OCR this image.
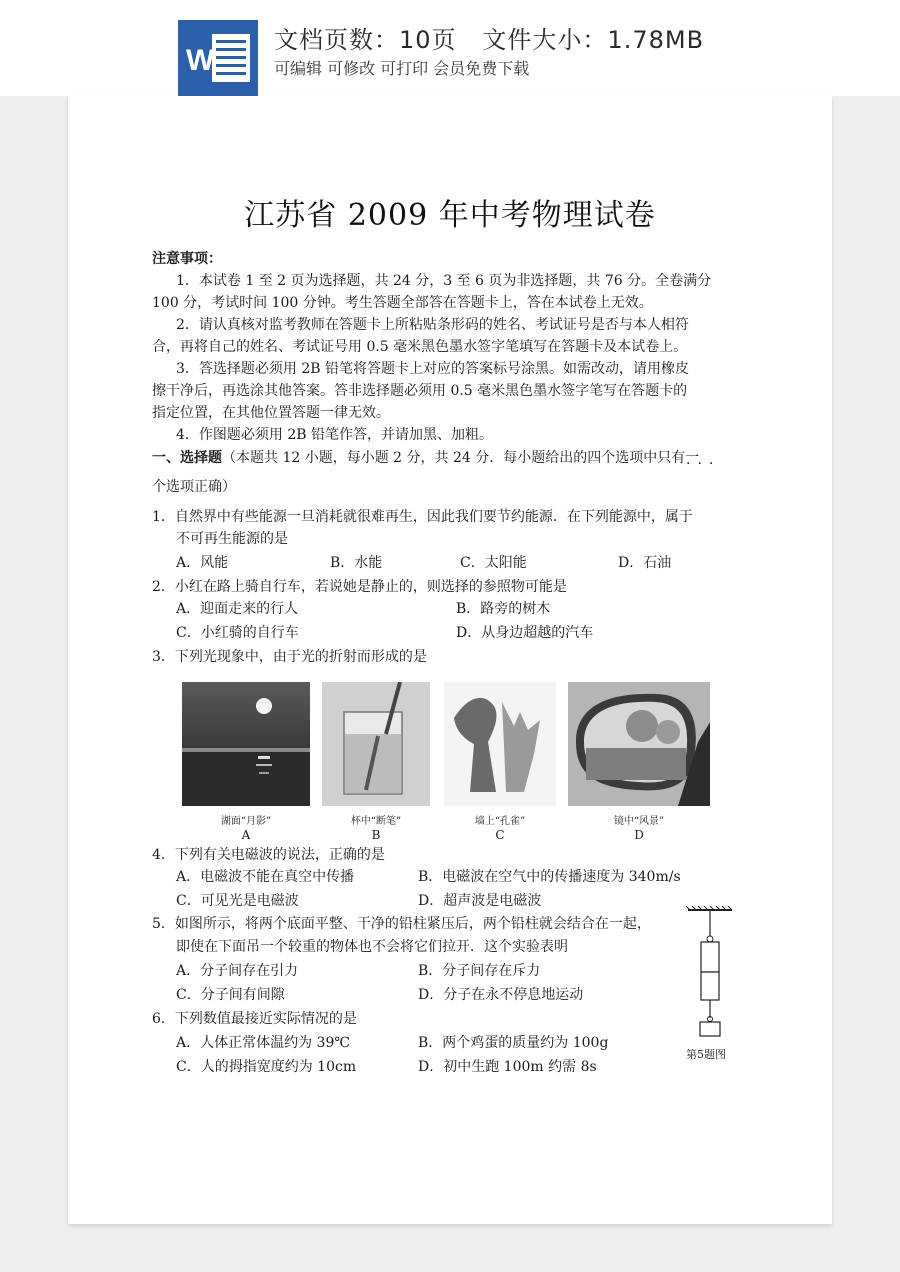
W
文档页数：10页   文件大小：1.78MB
可编辑 可修改 可打印 会员免费下载
江苏省 2009 年中考物理试卷
注意事项：
1．本试卷 1 至 2 页为选择题，共 24 分，3 至 6 页为非选择题，共 76 分。全卷满分
100 分，考试时间 100 分钟。考生答题全部答在答题卡上，答在本试卷上无效。
2．请认真核对监考教师在答题卡上所粘贴条形码的姓名、考试证号是否与本人相符
合，再将自己的姓名、考试证号用 0.5 毫米黑色墨水签字笔填写在答题卡及本试卷上。
3．答选择题必须用 2B 铅笔将答题卡上对应的答案标号涂黑。如需改动，请用橡皮
擦干净后，再选涂其他答案。答非选择题必须用 0.5 毫米黑色墨水签字笔写在答题卡的
指定位置，在其他位置答题一律无效。
4．作图题必须用 2B 铅笔作答，并请加黑、加粗。
一、选择题（本题共 12 小题，每小题 2 分，共 24 分．每小题给出的四个选项中只有一
···
个选项正确）
1．自然界中有些能源一旦消耗就很难再生，因此我们要节约能源．在下列能源中，属于
不可再生能源的是
A．风能	B．水能	C．太阳能	D．石油
2．小红在路上骑自行车，若说她是静止的，则选择的参照物可能是
A．迎面走来的行人	B．路旁的树木
C．小红骑的自行车	D．从身边超越的汽车
3．下列光现象中，由于光的折射而形成的是
湖面“月影”	杯中“断笔”	墙上“孔雀”	镜中“风景”
A	B	C	D
4．下列有关电磁波的说法，正确的是
A．电磁波不能在真空中传播	B．电磁波在空气中的传播速度为 340m/s
C．可见光是电磁波	D．超声波是电磁波
5．如图所示，将两个底面平整、干净的铅柱紧压后，两个铅柱就会结合在一起，
即使在下面吊一个较重的物体也不会将它们拉开．这个实验表明
A．分子间存在引力	B．分子间存在斥力
C．分子间有间隙	D．分子在永不停息地运动
第5题图
6．下列数值最接近实际情况的是
A．人体正常体温约为 39℃	B．两个鸡蛋的质量约为 100g
C．人的拇指宽度约为 10cm	D．初中生跑 100m 约需 8s
